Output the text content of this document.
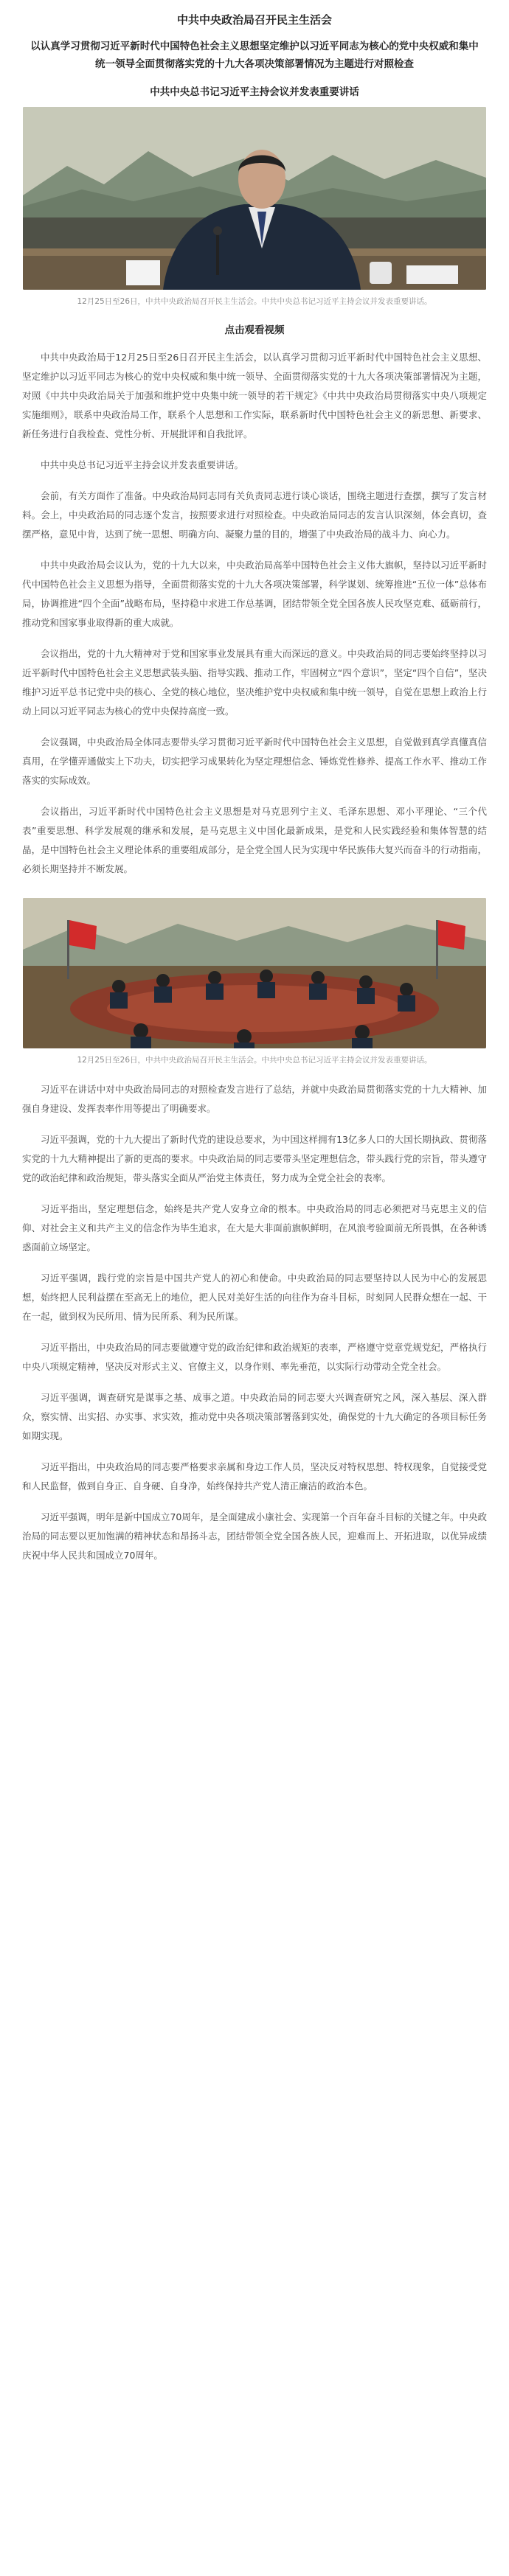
中共中央政治局召开民主生活会

以认真学习贯彻习近平新时代中国特色社会主义思想坚定维护以习近平同志为核心的党中央权威和集中统一领导全面贯彻落实党的十九大各项决策部署情况为主题进行对照检查

中共中央总书记习近平主持会议并发表重要讲话

12月25日至26日，中共中央政治局召开民主生活会。中共中央总书记习近平主持会议并发表重要讲话。

点击观看视频

中共中央政治局于12月25日至26日召开民主生活会，以认真学习贯彻习近平新时代中国特色社会主义思想、坚定维护以习近平同志为核心的党中央权威和集中统一领导、全面贯彻落实党的十九大各项决策部署情况为主题，对照《中共中央政治局关于加强和维护党中央集中统一领导的若干规定》《中共中央政治局贯彻落实中央八项规定实施细则》，联系中央政治局工作，联系个人思想和工作实际，联系新时代中国特色社会主义的新思想、新要求、新任务进行自我检查、党性分析、开展批评和自我批评。

中共中央总书记习近平主持会议并发表重要讲话。

会前，有关方面作了准备。中央政治局同志同有关负责同志进行谈心谈话，围绕主题进行查摆，撰写了发言材料。会上，中央政治局的同志逐个发言，按照要求进行对照检查。中央政治局同志的发言认识深刻，体会真切，查摆严格，意见中肯，达到了统一思想、明确方向、凝聚力量的目的，增强了中央政治局的战斗力、向心力。

中共中央政治局会议认为，党的十九大以来，中央政治局高举中国特色社会主义伟大旗帜，坚持以习近平新时代中国特色社会主义思想为指导，全面贯彻落实党的十九大各项决策部署，科学谋划、统筹推进“五位一体”总体布局，协调推进“四个全面”战略布局，坚持稳中求进工作总基调，团结带领全党全国各族人民攻坚克难、砥砺前行，推动党和国家事业取得新的重大成就。

会议指出，党的十九大精神对于党和国家事业发展具有重大而深远的意义。中央政治局的同志要始终坚持以习近平新时代中国特色社会主义思想武装头脑、指导实践、推动工作，牢固树立“四个意识”，坚定“四个自信”，坚决维护习近平总书记党中央的核心、全党的核心地位，坚决维护党中央权威和集中统一领导，自觉在思想上政治上行动上同以习近平同志为核心的党中央保持高度一致。

会议强调，中央政治局全体同志要带头学习贯彻习近平新时代中国特色社会主义思想，自觉做到真学真懂真信真用，在学懂弄通做实上下功夫，切实把学习成果转化为坚定理想信念、锤炼党性修养、提高工作水平、推动工作落实的实际成效。

会议指出，习近平新时代中国特色社会主义思想是对马克思列宁主义、毛泽东思想、邓小平理论、“三个代表”重要思想、科学发展观的继承和发展，是马克思主义中国化最新成果，是党和人民实践经验和集体智慧的结晶，是中国特色社会主义理论体系的重要组成部分，是全党全国人民为实现中华民族伟大复兴而奋斗的行动指南，必须长期坚持并不断发展。

12月25日至26日，中共中央政治局召开民主生活会。中共中央总书记习近平主持会议并发表重要讲话。

习近平在讲话中对中央政治局同志的对照检查发言进行了总结，并就中央政治局贯彻落实党的十九大精神、加强自身建设、发挥表率作用等提出了明确要求。

习近平强调，党的十九大提出了新时代党的建设总要求，为中国这样拥有13亿多人口的大国长期执政、贯彻落实党的十九大精神提出了新的更高的要求。中央政治局的同志要带头坚定理想信念，带头践行党的宗旨，带头遵守党的政治纪律和政治规矩，带头落实全面从严治党主体责任，努力成为全党全社会的表率。

习近平指出，坚定理想信念，始终是共产党人安身立命的根本。中央政治局的同志必须把对马克思主义的信仰、对社会主义和共产主义的信念作为毕生追求，在大是大非面前旗帜鲜明，在风浪考验面前无所畏惧，在各种诱惑面前立场坚定。

习近平强调，践行党的宗旨是中国共产党人的初心和使命。中央政治局的同志要坚持以人民为中心的发展思想，始终把人民利益摆在至高无上的地位，把人民对美好生活的向往作为奋斗目标，时刻同人民群众想在一起、干在一起，做到权为民所用、情为民所系、利为民所谋。

习近平指出，中央政治局的同志要做遵守党的政治纪律和政治规矩的表率，严格遵守党章党规党纪，严格执行中央八项规定精神，坚决反对形式主义、官僚主义，以身作则、率先垂范，以实际行动带动全党全社会。

习近平强调，调查研究是谋事之基、成事之道。中央政治局的同志要大兴调查研究之风，深入基层、深入群众，察实情、出实招、办实事、求实效，推动党中央各项决策部署落到实处，确保党的十九大确定的各项目标任务如期实现。

习近平指出，中央政治局的同志要严格要求亲属和身边工作人员，坚决反对特权思想、特权现象，自觉接受党和人民监督，做到自身正、自身硬、自身净，始终保持共产党人清正廉洁的政治本色。

习近平强调，明年是新中国成立70周年，是全面建成小康社会、实现第一个百年奋斗目标的关键之年。中央政治局的同志要以更加饱满的精神状态和昂扬斗志，团结带领全党全国各族人民，迎难而上、开拓进取，以优异成绩庆祝中华人民共和国成立70周年。
